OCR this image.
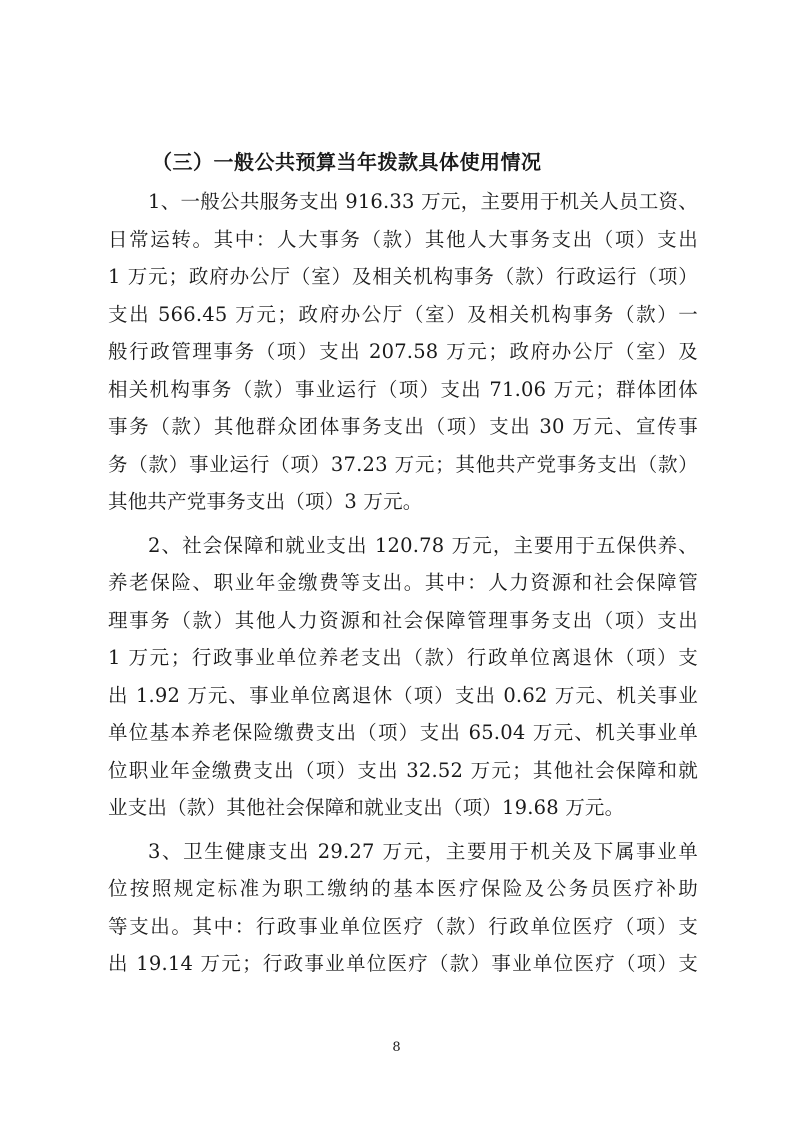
（三）一般公共预算当年拨款具体使用情况
1、一般公共服务支出 916.33 万元，主要用于机关人员工资、
日常运转。其中：人大事务（款）其他人大事务支出（项）支出
1 万元；政府办公厅（室）及相关机构事务（款）行政运行（项）
支出 566.45 万元；政府办公厅（室）及相关机构事务（款）一
般行政管理事务（项）支出 207.58 万元；政府办公厅（室）及
相关机构事务（款）事业运行（项）支出 71.06 万元；群体团体
事务（款）其他群众团体事务支出（项）支出 30 万元、宣传事
务（款）事业运行（项）37.23 万元；其他共产党事务支出（款）
其他共产党事务支出（项）3 万元。
2、社会保障和就业支出 120.78 万元，主要用于五保供养、
养老保险、职业年金缴费等支出。其中：人力资源和社会保障管
理事务（款）其他人力资源和社会保障管理事务支出（项）支出
1 万元；行政事业单位养老支出（款）行政单位离退休（项）支
出 1.92 万元、事业单位离退休（项）支出 0.62 万元、机关事业
单位基本养老保险缴费支出（项）支出 65.04 万元、机关事业单
位职业年金缴费支出（项）支出 32.52 万元；其他社会保障和就
业支出（款）其他社会保障和就业支出（项）19.68 万元。
3、卫生健康支出 29.27 万元，主要用于机关及下属事业单
位按照规定标准为职工缴纳的基本医疗保险及公务员医疗补助
等支出。其中：行政事业单位医疗（款）行政单位医疗（项）支
出 19.14 万元；行政事业单位医疗（款）事业单位医疗（项）支
8
